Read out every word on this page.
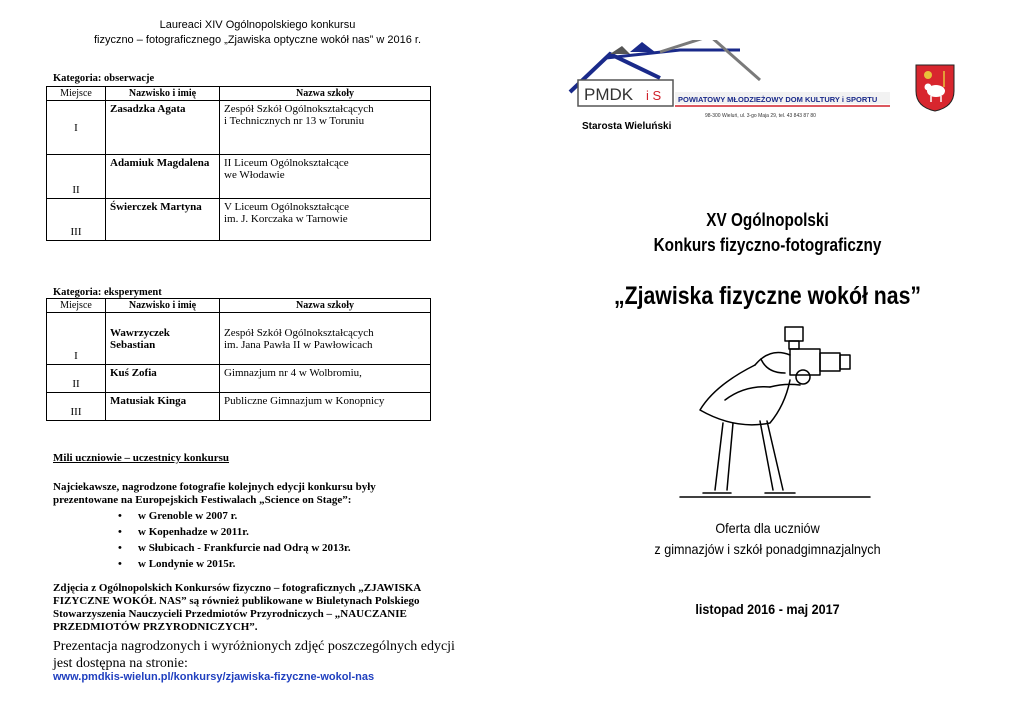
Laureaci XIV Ogólnopolskiego konkursu
fizyczno – fotograficznego „Zjawiska optyczne wokół nas” w 2016 r.
Kategoria: obserwacje
Miejsce	Nazwisko i imię	Nazwa szkoły
I	Zasadzka Agata	Zespół Szkół Ogólnokształcących
i Technicznych nr 13 w Toruniu

II	Adamiuk Magdalena	II Liceum Ogólnokształcące
we Włodawie

III	Świerczek Martyna	V Liceum Ogólnokształcące
im. J. Korczaka w Tarnowie
Kategoria: eksperyment
Miejsce	Nazwisko i imię	Nazwa szkoły
I	Wawrzyczek Sebastian	Zespół Szkół Ogólnokształcących
im. Jana Pawła II w Pawłowicach

II	Kuś Zofia	Gimnazjum nr 4 w Wolbromiu,
III	Matusiak Kinga	Publiczne Gimnazjum w Konopnicy
Mili uczniowie – uczestnicy konkursu
Najciekawsze, nagrodzone fotografie kolejnych edycji konkursu były prezentowane na Europejskich Festiwalach „Science on Stage”:
• w Grenoble w 2007 r.
• w Kopenhadze w 2011r.
• w Słubicach - Frankfurcie nad Odrą w 2013r.
• w Londynie w 2015r.
Zdjęcia z Ogólnopolskich Konkursów fizyczno – fotograficznych „ZJAWISKA FIZYCZNE WOKÓŁ NAS” są również publikowane w Biuletynach Polskiego Stowarzyszenia Nauczycieli Przedmiotów Przyrodniczych – „NAUCZANIE PRZEDMIOTÓW PRZYRODNICZYCH”.
Prezentacja nagrodzonych i wyróżnionych zdjęć poszczególnych edycji jest dostępna na stronie:
www.pmdkis-wielun.pl/konkursy/zjawiska-fizyczne-wokol-nas
PMDK i S POWIATOWY MŁODZIEŻOWY DOM KULTURY i SPORTU
98-300 Wieluń, ul. 3-go Maja 29, tel. 43 843 87 80
Starosta Wieluński
XV Ogólnopolski
Konkurs fizyczno-fotograficzny
„Zjawiska fizyczne wokół nas”
Oferta dla uczniów
z gimnazjów i szkół ponadgimnazjalnych
listopad 2016 - maj 2017
